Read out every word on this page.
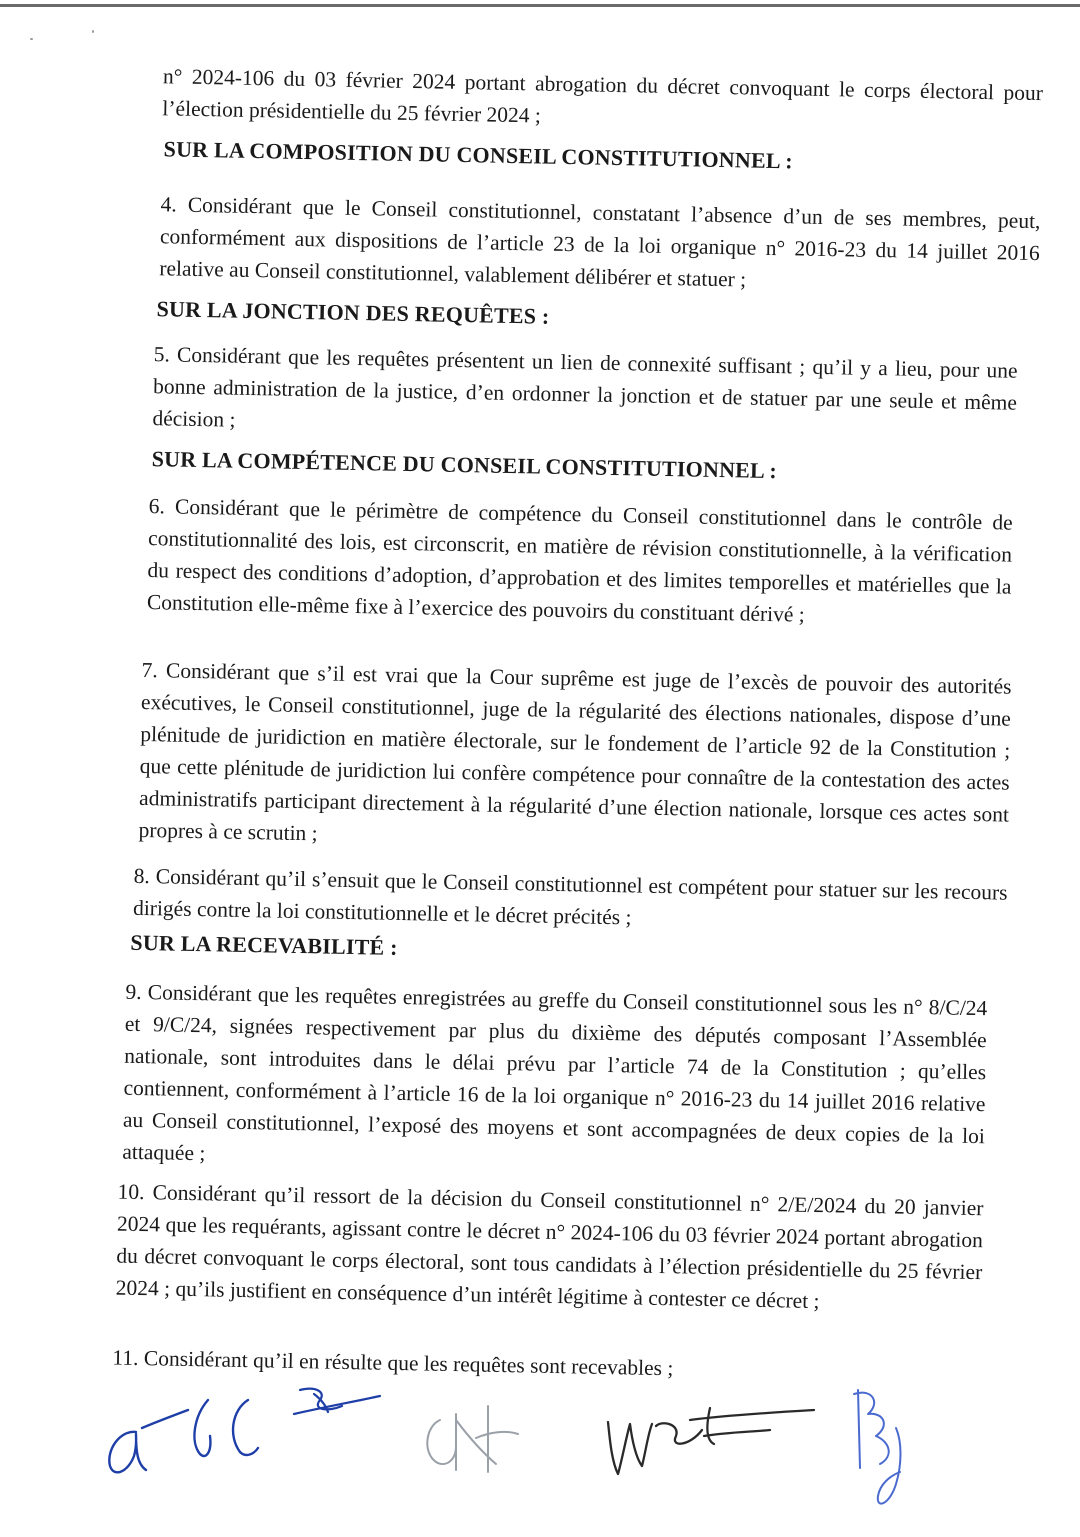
n° 2024-106 du 03 février 2024 portant abrogation du décret convoquant le corps électoral pour l’élection présidentielle du 25 février 2024 ;

SUR LA COMPOSITION DU CONSEIL CONSTITUTIONNEL :

4. Considérant que le Conseil constitutionnel, constatant l’absence d’un de ses membres, peut, conformément aux dispositions de l’article 23 de la loi organique n° 2016-23 du 14 juillet 2016 relative au Conseil constitutionnel, valablement délibérer et statuer ;

SUR LA JONCTION DES REQUÊTES :

5. Considérant que les requêtes présentent un lien de connexité suffisant ; qu’il y a lieu, pour une bonne administration de la justice, d’en ordonner la jonction et de statuer par une seule et même décision ;

SUR LA COMPÉTENCE DU CONSEIL CONSTITUTIONNEL :

6. Considérant que le périmètre de compétence du Conseil constitutionnel dans le contrôle de constitutionnalité des lois, est circonscrit, en matière de révision constitutionnelle, à la vérification du respect des conditions d’adoption, d’approbation et des limites temporelles et matérielles que la Constitution elle-même fixe à l’exercice des pouvoirs du constituant dérivé ;

7. Considérant que s’il est vrai que la Cour suprême est juge de l’excès de pouvoir des autorités exécutives, le Conseil constitutionnel, juge de la régularité des élections nationales, dispose d’une plénitude de juridiction en matière électorale, sur le fondement de l’article 92 de la Constitution ; que cette plénitude de juridiction lui confère compétence pour connaître de la contestation des actes administratifs participant directement à la régularité d’une élection nationale, lorsque ces actes sont propres à ce scrutin ;

8. Considérant qu’il s’ensuit que le Conseil constitutionnel est compétent pour statuer sur les recours dirigés contre la loi constitutionnelle et le décret précités ;

SUR LA RECEVABILITÉ :

9. Considérant que les requêtes enregistrées au greffe du Conseil constitutionnel sous les n° 8/C/24 et 9/C/24, signées respectivement par plus du dixième des députés composant l’Assemblée nationale, sont introduites dans le délai prévu par l’article 74 de la Constitution ; qu’elles contiennent, conformément à l’article 16 de la loi organique n° 2016-23 du 14 juillet 2016 relative au Conseil constitutionnel, l’exposé des moyens et sont accompagnées de deux copies de la loi attaquée ;

10. Considérant qu’il ressort de la décision du Conseil constitutionnel n° 2/E/2024 du 20 janvier 2024 que les requérants, agissant contre le décret n° 2024-106 du 03 février 2024 portant abrogation du décret convoquant le corps électoral, sont tous candidats à l’élection présidentielle du 25 février 2024 ; qu’ils justifient en conséquence d’un intérêt légitime à contester ce décret ;

11. Considérant qu’il en résulte que les requêtes sont recevables ;
